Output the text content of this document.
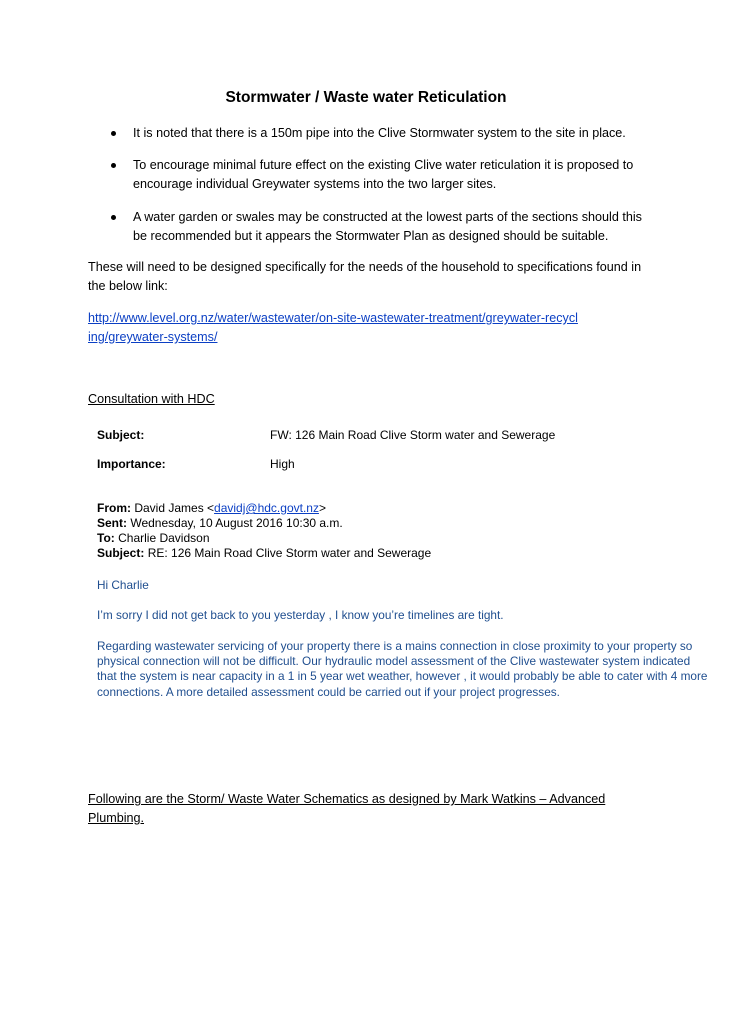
Stormwater / Waste water Reticulation
It is noted that there is a 150m pipe into the Clive Stormwater system to the site in place.
To encourage minimal future effect on the existing Clive water reticulation it is proposed to encourage individual Greywater systems into the two larger sites.
A water garden or swales may be constructed at the lowest parts of the sections should this be recommended but it appears the Stormwater Plan as designed should be suitable.
These will need to be designed specifically for the needs of the household to specifications found in the below link:
http://www.level.org.nz/water/wastewater/on-site-wastewater-treatment/greywater-recycling/greywater-systems/
Consultation with HDC
Subject:	FW: 126 Main Road Clive Storm water and Sewerage
Importance:	High
From: David James <davidj@hdc.govt.nz>
Sent: Wednesday, 10 August 2016 10:30 a.m.
To: Charlie Davidson
Subject: RE: 126 Main Road Clive Storm water and Sewerage
Hi Charlie
I’m sorry I did not get back to you yesterday , I know you’re timelines are tight.
Regarding wastewater servicing of your property there is a mains connection in close proximity to your property so physical connection will not be difficult. Our hydraulic model assessment of the Clive wastewater system indicated that the system is near capacity in a 1 in 5 year wet weather, however , it would probably be able to cater with 4 more connections. A more detailed assessment could be carried out if your project progresses.
Following are the Storm/ Waste Water Schematics as designed by Mark Watkins – Advanced Plumbing.
